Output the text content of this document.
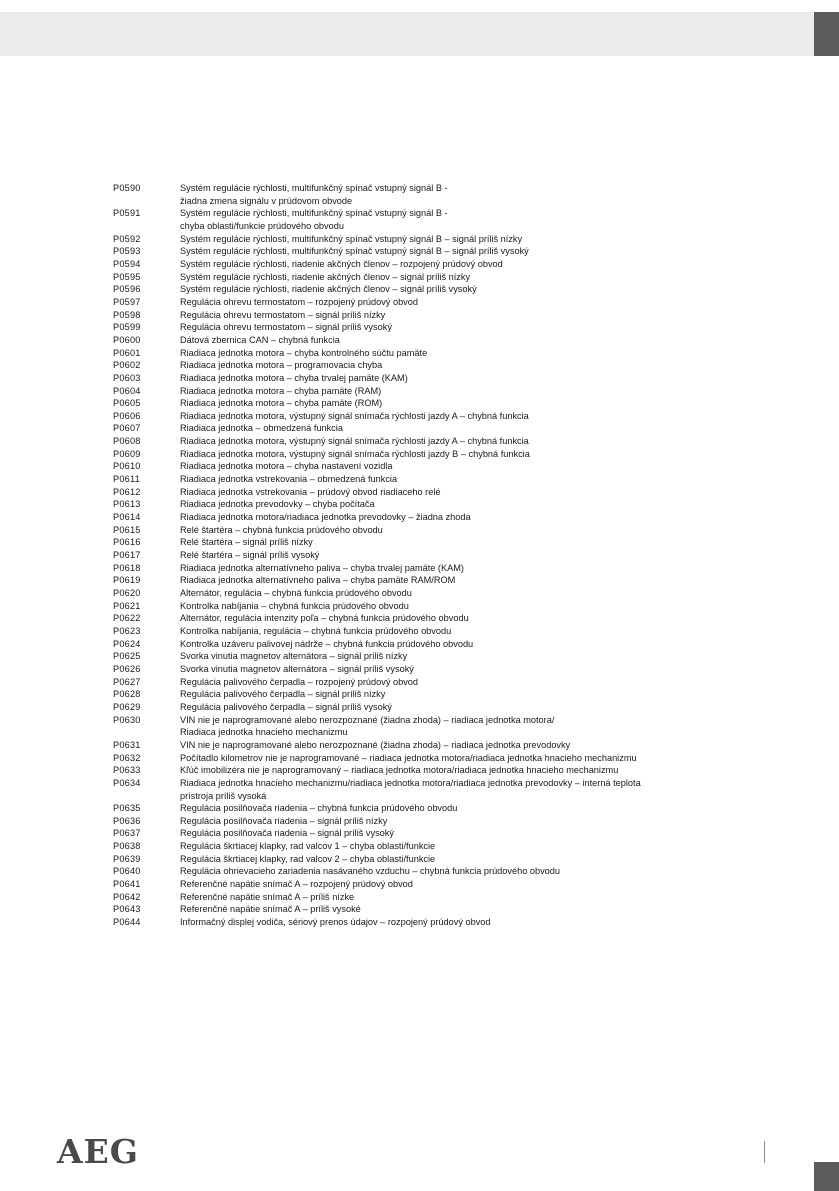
P0590	Systém regulácie rýchlosti, multifunkčný spínač vstupný signál B -
žiadna zmena signálu v prúdovom obvode
P0591	Systém regulácie rýchlosti, multifunkčný spínač vstupný signál B -
chyba oblasti/funkcie prúdového obvodu
P0592	Systém regulácie rýchlosti, multifunkčný spínač vstupný signál B – signál príliš nízky
P0593	Systém regulácie rýchlosti, multifunkčný spínač vstupný signál B – signál príliš vysoký
P0594	Systém regulácie rýchlosti, riadenie akčných členov – rozpojený prúdový obvod
P0595	Systém regulácie rýchlosti, riadenie akčných členov – signál príliš nízky
P0596	Systém regulácie rýchlosti, riadenie akčných členov – signál príliš vysoký
P0597	Regulácia ohrevu termostatom – rozpojený prúdový obvod
P0598	Regulácia ohrevu termostatom – signál príliš nízky
P0599	Regulácia ohrevu termostatom – signál príliš vysoký
P0600	Dátová zbernica CAN – chybná funkcia
P0601	Riadiaca jednotka motora – chyba kontrolného súčtu pamäte
P0602	Riadiaca jednotka motora – programovacia chyba
P0603	Riadiaca jednotka motora – chyba trvalej pamäte (KAM)
P0604	Riadiaca jednotka motora – chyba pamäte (RAM)
P0605	Riadiaca jednotka motora – chyba pamäte (ROM)
P0606	Riadiaca jednotka motora, výstupný signál snímača rýchlosti jazdy A – chybná funkcia
P0607	Riadiaca jednotka – obmedzená funkcia
P0608	Riadiaca jednotka motora, výstupný signál snímača rýchlosti jazdy A – chybná funkcia
P0609	Riadiaca jednotka motora, výstupný signál snímača rýchlosti jazdy B – chybná funkcia
P0610	Riadiaca jednotka motora – chyba nastavení vozidla
P0611	Riadiaca jednotka vstrekovania – obmedzená funkcia
P0612	Riadiaca jednotka vstrekovania – prúdový obvod riadiaceho relé
P0613	Riadiaca jednotka prevodovky – chyba počítača
P0614	Riadiaca jednotka motora/riadiaca jednotka prevodovky – žiadna zhoda
P0615	Relé štartéra – chybná funkcia prúdového obvodu
P0616	Relé štartéra – signál príliš nízky
P0617	Relé štartéra – signál príliš vysoký
P0618	Riadiaca jednotka alternatívneho paliva – chyba trvalej pamäte (KAM)
P0619	Riadiaca jednotka alternatívneho paliva – chyba pamäte RAM/ROM
P0620	Alternátor, regulácia – chybná funkcia prúdového obvodu
P0621	Kontrolka nabíjania – chybná funkcia prúdového obvodu
P0622	Alternátor, regulácia intenzity poľa – chybná funkcia prúdového obvodu
P0623	Kontrolka nabíjania, regulácia – chybná funkcia prúdového obvodu
P0624	Kontrolka uzáveru palivovej nádrže – chybná funkcia prúdového obvodu
P0625	Svorka vinutia magnetov alternátora – signál príliš nízky
P0626	Svorka vinutia magnetov alternátora – signál príliš vysoký
P0627	Regulácia palivového čerpadla – rozpojený prúdový obvod
P0628	Regulácia palivového čerpadla – signál príliš nízky
P0629	Regulácia palivového čerpadla – signál príliš vysoký
P0630	VIN nie je naprogramované alebo nerozpoznané (žiadna zhoda) – riadiaca jednotka motora/
Riadiaca jednotka hnacieho mechanizmu
P0631	VIN nie je naprogramované alebo nerozpoznané (žiadna zhoda) – riadiaca jednotka prevodovky
P0632	Počítadlo kilometrov nie je naprogramované – riadiaca jednotka motora/riadiaca jednotka hnacieho mechanizmu
P0633	Kľúč imobilizéra nie je naprogramovaný – riadiaca jednotka motora/riadiaca jednotka hnacieho mechanizmu
P0634	Riadiaca jednotka hnacieho mechanizmu/riadiaca jednotka motora/riadiaca jednotka prevodovky – interná teplota
prístroja príliš vysoká
P0635	Regulácia posilňovača riadenia – chybná funkcia prúdového obvodu
P0636	Regulácia posilňovača riadenia – signál príliš nízky
P0637	Regulácia posilňovača riadenia – signál príliš vysoký
P0638	Regulácia škrtiacej klapky, rad valcov 1 – chyba oblasti/funkcie
P0639	Regulácia škrtiacej klapky, rad valcov 2 – chyba oblasti/funkcie
P0640	Regulácia ohrievacieho zariadenia nasávaného vzduchu – chybná funkcia prúdového obvodu
P0641	Referenčné napätie snímač A – rozpojený prúdový obvod
P0642	Referenčné napätie snímač A – príliš nízke
P0643	Referenčné napätie snímač A – príliš vysoké
P0644	Informačný displej vodiča, sériový prenos údajov – rozpojený prúdový obvod
AEG
